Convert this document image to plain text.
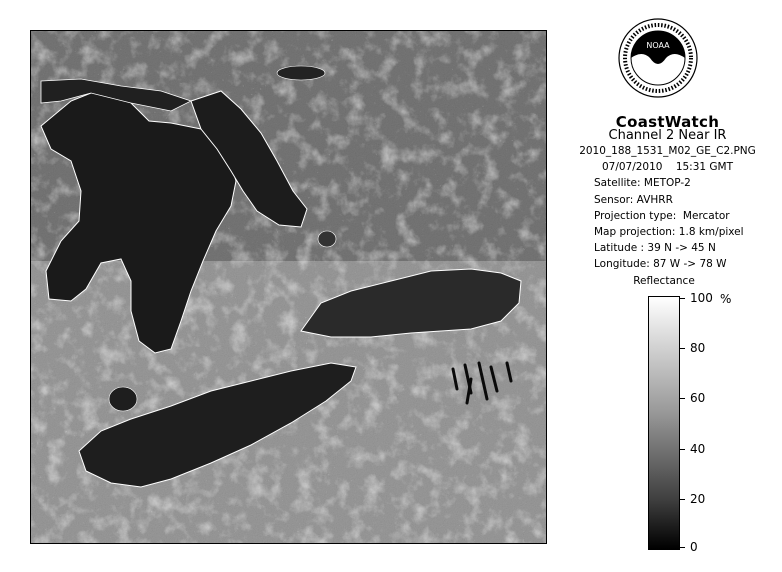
NOAA
CoastWatch
Channel 2 Near IR
2010_188_1531_M02_GE_C2.PNG
07/07/2010    15:31 GMT
Satellite: METOP-2
Sensor: AVHRR
Projection type:  Mercator
Map projection: 1.8 km/pixel
Latitude : 39 N -> 45 N
Longitude: 87 W -> 78 W
Reflectance
%
100
80
60
40
20
0
